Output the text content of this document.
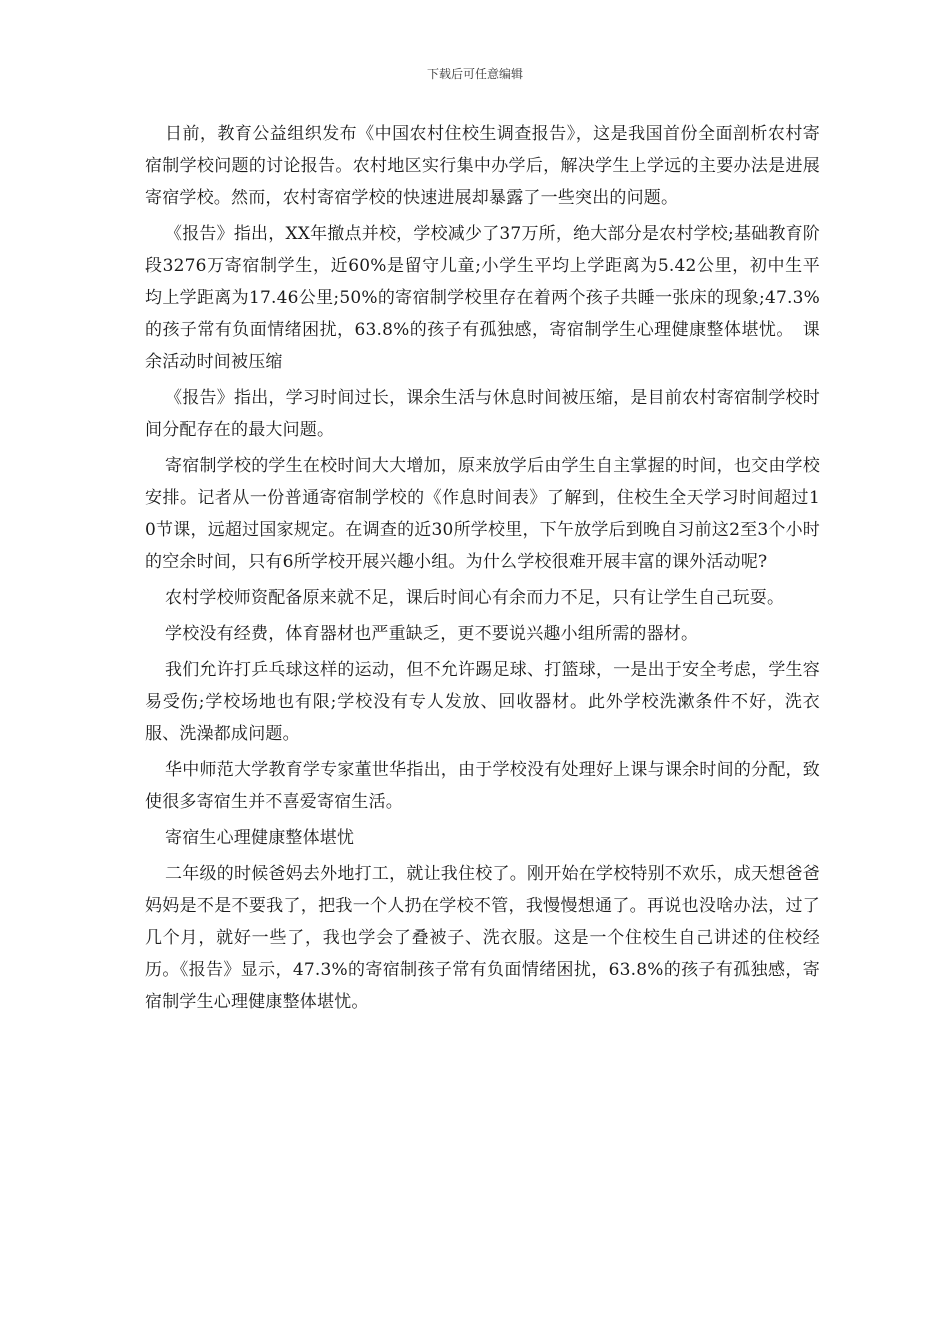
下载后可任意编辑

日前，教育公益组织发布《中国农村住校生调查报告》，这是我国首份全面剖析农村寄宿制学校问题的讨论报告。农村地区实行集中办学后，解决学生上学远的主要办法是进展寄宿学校。然而，农村寄宿学校的快速进展却暴露了一些突出的问题。

《报告》指出，XX年撤点并校，学校减少了37万所，绝大部分是农村学校;基础教育阶段3276万寄宿制学生，近60%是留守儿童;小学生平均上学距离为5.42公里，初中生平均上学距离为17.46公里;50%的寄宿制学校里存在着两个孩子共睡一张床的现象;47.3%的孩子常有负面情绪困扰，63.8%的孩子有孤独感，寄宿制学生心理健康整体堪忧。　课余活动时间被压缩

《报告》指出，学习时间过长，课余生活与休息时间被压缩，是目前农村寄宿制学校时间分配存在的最大问题。

寄宿制学校的学生在校时间大大增加，原来放学后由学生自主掌握的时间，也交由学校安排。记者从一份普通寄宿制学校的《作息时间表》了解到，住校生全天学习时间超过10节课，远超过国家规定。在调查的近30所学校里，下午放学后到晚自习前这2至3个小时的空余时间，只有6所学校开展兴趣小组。为什么学校很难开展丰富的课外活动呢?

农村学校师资配备原来就不足，课后时间心有余而力不足，只有让学生自己玩耍。

学校没有经费，体育器材也严重缺乏，更不要说兴趣小组所需的器材。

我们允许打乒乓球这样的运动，但不允许踢足球、打篮球，一是出于安全考虑，学生容易受伤;学校场地也有限;学校没有专人发放、回收器材。此外学校洗漱条件不好，洗衣服、洗澡都成问题。

华中师范大学教育学专家董世华指出，由于学校没有处理好上课与课余时间的分配，致使很多寄宿生并不喜爱寄宿生活。

寄宿生心理健康整体堪忧

二年级的时候爸妈去外地打工，就让我住校了。刚开始在学校特别不欢乐，成天想爸爸妈妈是不是不要我了，把我一个人扔在学校不管，我慢慢想通了。再说也没啥办法，过了几个月，就好一些了，我也学会了叠被子、洗衣服。这是一个住校生自己讲述的住校经历。《报告》显示，47.3%的寄宿制孩子常有负面情绪困扰，63.8%的孩子有孤独感，寄宿制学生心理健康整体堪忧。
